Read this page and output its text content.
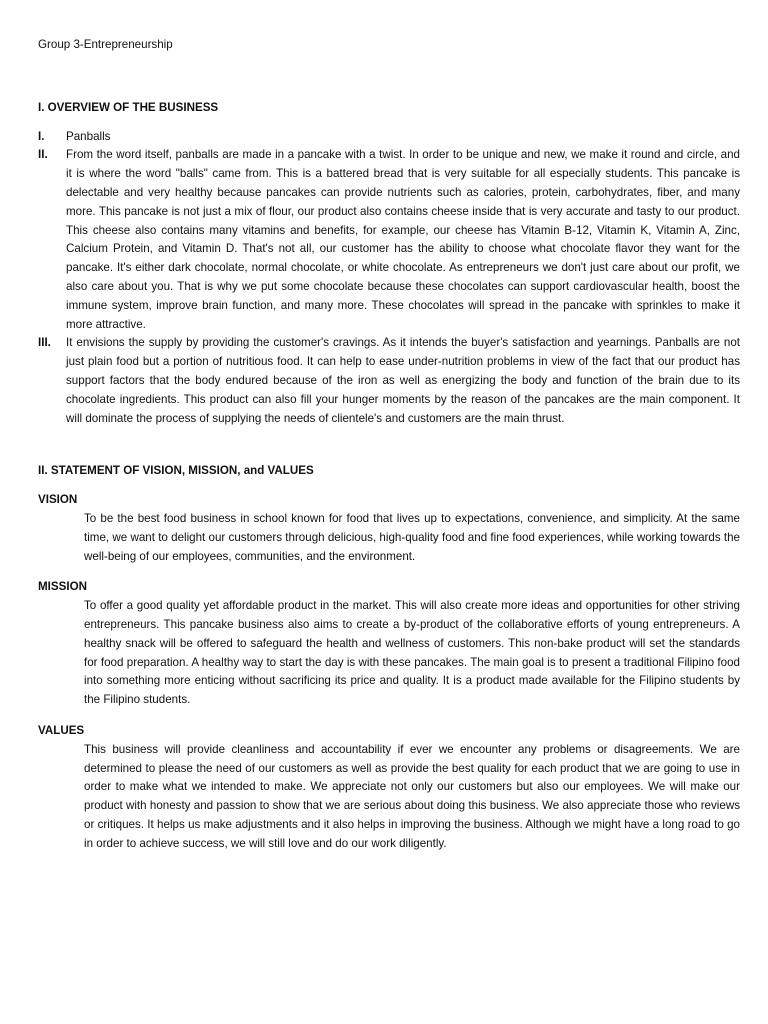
Group 3-Entrepreneurship
I. OVERVIEW OF THE BUSINESS
I.	Panballs
II.	From the word itself, panballs are made in a pancake with a twist. In order to be unique and new, we make it round and circle, and it is where the word "balls" came from. This is a battered bread that is very suitable for all especially students. This pancake is delectable and very healthy because pancakes can provide nutrients such as calories, protein, carbohydrates, fiber, and many more. This pancake is not just a mix of flour, our product also contains cheese inside that is very accurate and tasty to our product. This cheese also contains many vitamins and benefits, for example, our cheese has Vitamin B-12, Vitamin K, Vitamin A, Zinc, Calcium Protein, and Vitamin D. That's not all, our customer has the ability to choose what chocolate flavor they want for the pancake. It's either dark chocolate, normal chocolate, or white chocolate. As entrepreneurs we don't just care about our profit, we also care about you. That is why we put some chocolate because these chocolates can support cardiovascular health, boost the immune system, improve brain function, and many more. These chocolates will spread in the pancake with sprinkles to make it more attractive.
III.	It envisions the supply by providing the customer's cravings. As it intends the buyer's satisfaction and yearnings. Panballs are not just plain food but a portion of nutritious food. It can help to ease under-nutrition problems in view of the fact that our product has support factors that the body endured because of the iron as well as energizing the body and function of the brain due to its chocolate ingredients. This product can also fill your hunger moments by the reason of the pancakes are the main component. It will dominate the process of supplying the needs of clientele's and customers are the main thrust.
II. STATEMENT OF VISION, MISSION, and VALUES
VISION
To be the best food business in school known for food that lives up to expectations, convenience, and simplicity. At the same time, we want to delight our customers through delicious, high-quality food and fine food experiences, while working towards the well-being of our employees, communities, and the environment.
MISSION
To offer a good quality yet affordable product in the market. This will also create more ideas and opportunities for other striving entrepreneurs. This pancake business also aims to create a by-product of the collaborative efforts of young entrepreneurs. A healthy snack will be offered to safeguard the health and wellness of customers. This non-bake product will set the standards for food preparation. A healthy way to start the day is with these pancakes. The main goal is to present a traditional Filipino food into something more enticing without sacrificing its price and quality. It is a product made available for the Filipino students by the Filipino students.
VALUES
This business will provide cleanliness and accountability if ever we encounter any problems or disagreements. We are determined to please the need of our customers as well as provide the best quality for each product that we are going to use in order to make what we intended to make. We appreciate not only our customers but also our employees. We will make our product with honesty and passion to show that we are serious about doing this business. We also appreciate those who reviews or critiques. It helps us make adjustments and it also helps in improving the business. Although we might have a long road to go in order to achieve success, we will still love and do our work diligently.
